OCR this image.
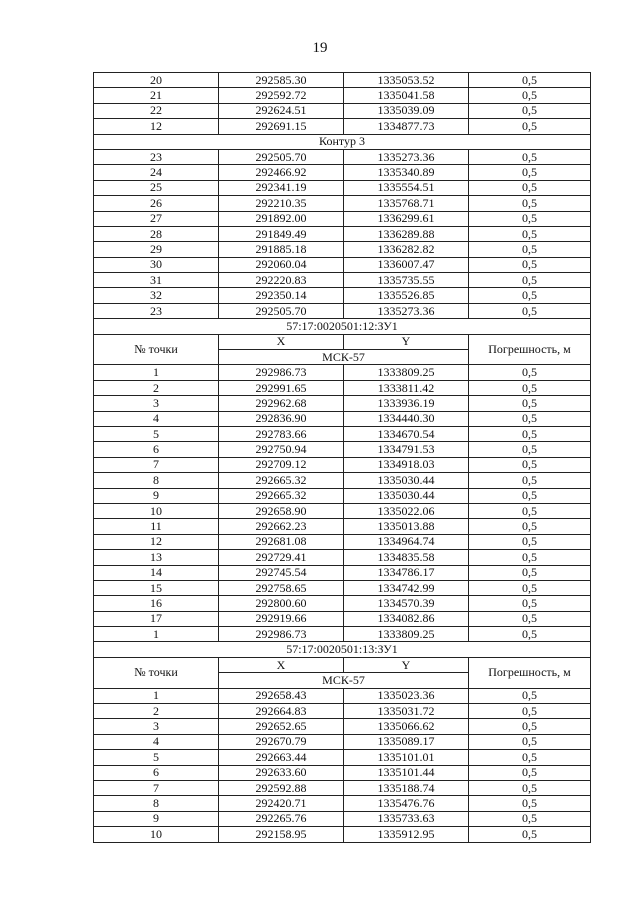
19
20	292585.30	1335053.52	0,5
21	292592.72	1335041.58	0,5
22	292624.51	1335039.09	0,5
12	292691.15	1334877.73	0,5
Контур 3			
23	292505.70	1335273.36	0,5
24	292466.92	1335340.89	0,5
25	292341.19	1335554.51	0,5
26	292210.35	1335768.71	0,5
27	291892.00	1336299.61	0,5
28	291849.49	1336289.88	0,5
29	291885.18	1336282.82	0,5
30	292060.04	1336007.47	0,5
31	292220.83	1335735.55	0,5
32	292350.14	1335526.85	0,5
23	292505.70	1335273.36	0,5
57:17:0020501:12:ЗУ1			
№ точки	X	Y	Погрешность, м
	МСК-57		
1	292986.73	1333809.25	0,5
2	292991.65	1333811.42	0,5
3	292962.68	1333936.19	0,5
4	292836.90	1334440.30	0,5
5	292783.66	1334670.54	0,5
6	292750.94	1334791.53	0,5
7	292709.12	1334918.03	0,5
8	292665.32	1335030.44	0,5
9	292665.32	1335030.44	0,5
10	292658.90	1335022.06	0,5
11	292662.23	1335013.88	0,5
12	292681.08	1334964.74	0,5
13	292729.41	1334835.58	0,5
14	292745.54	1334786.17	0,5
15	292758.65	1334742.99	0,5
16	292800.60	1334570.39	0,5
17	292919.66	1334082.86	0,5
1	292986.73	1333809.25	0,5
57:17:0020501:13:ЗУ1			
№ точки	X	Y	Погрешность, м
	МСК-57		
1	292658.43	1335023.36	0,5
2	292664.83	1335031.72	0,5
3	292652.65	1335066.62	0,5
4	292670.79	1335089.17	0,5
5	292663.44	1335101.01	0,5
6	292633.60	1335101.44	0,5
7	292592.88	1335188.74	0,5
8	292420.71	1335476.76	0,5
9	292265.76	1335733.63	0,5
10	292158.95	1335912.95	0,5
